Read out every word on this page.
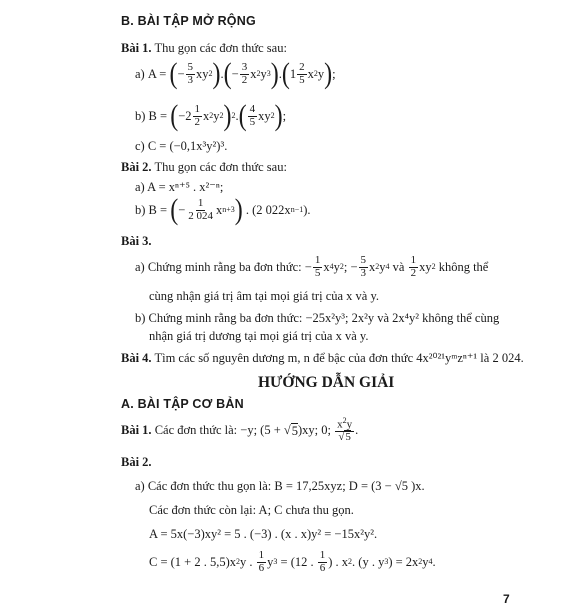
B. BÀI TẬP MỞ RỘNG
Bài 1. Thu gọn các đơn thức sau:
a) A = ( − $\frac{5}{3}$ xy 2 ) . ( − $\frac{3}{2}$ x 2 y 3 ) . ( $1 \frac{2}{5}$ x 2 y ) ;
b) B = ( $-2 \frac{1}{2}$ x 2 y 2 ) 2 . ( $\frac{4}{5}$ xy 2 ) ;
c) C = (−0,1x³y²)³.
Bài 2. Thu gọn các đơn thức sau:
a) A = xⁿ⁺⁵ . x²⁻ⁿ;
b) B = ( − $\frac{1}{2 024}$ x n+3 ) . (2 022x n−1 ).
Bài 3.
a) Chứng minh rằng ba đơn thức: − $\frac{1}{5}$ x 4 y 2 ; − $\frac{5}{3}$ x 2 y 4 và $\frac{1}{2}$ xy 2 không thể
cùng nhận giá trị âm tại mọi giá trị của x và y.
b) Chứng minh rằng ba đơn thức: −25x²y³; 2x²y và 2x⁴y² không thể cùng
nhận giá trị dương tại mọi giá trị của x và y.
Bài 4. Tìm các số nguyên dương m, n để bậc của đơn thức 4x²⁰²¹yᵐzⁿ⁺¹ là 2 024.
HƯỚNG DẪN GIẢI
A. BÀI TẬP CƠ BẢN
Bài 1. Các đơn thức là: −y; (5 + √ 5 )xy; 0; $\frac{x^2y}{√5}$ .
Bài 2.
a) Các đơn thức thu gọn là: B = 17,25xyz; D = (3 − √5 )x.
Các đơn thức còn lại: A; C chưa thu gọn.
A = 5x(−3)xy² = 5 . (−3) . (x . x)y² = −15x²y².
C = (1 + 2 . 5,5)x 2 y . $\frac{1}{6}$ y 3 = (12 . $\frac{1}{6}$ ) . x 2 . (y . y 3 ) = 2x 2 y 4 .
7
